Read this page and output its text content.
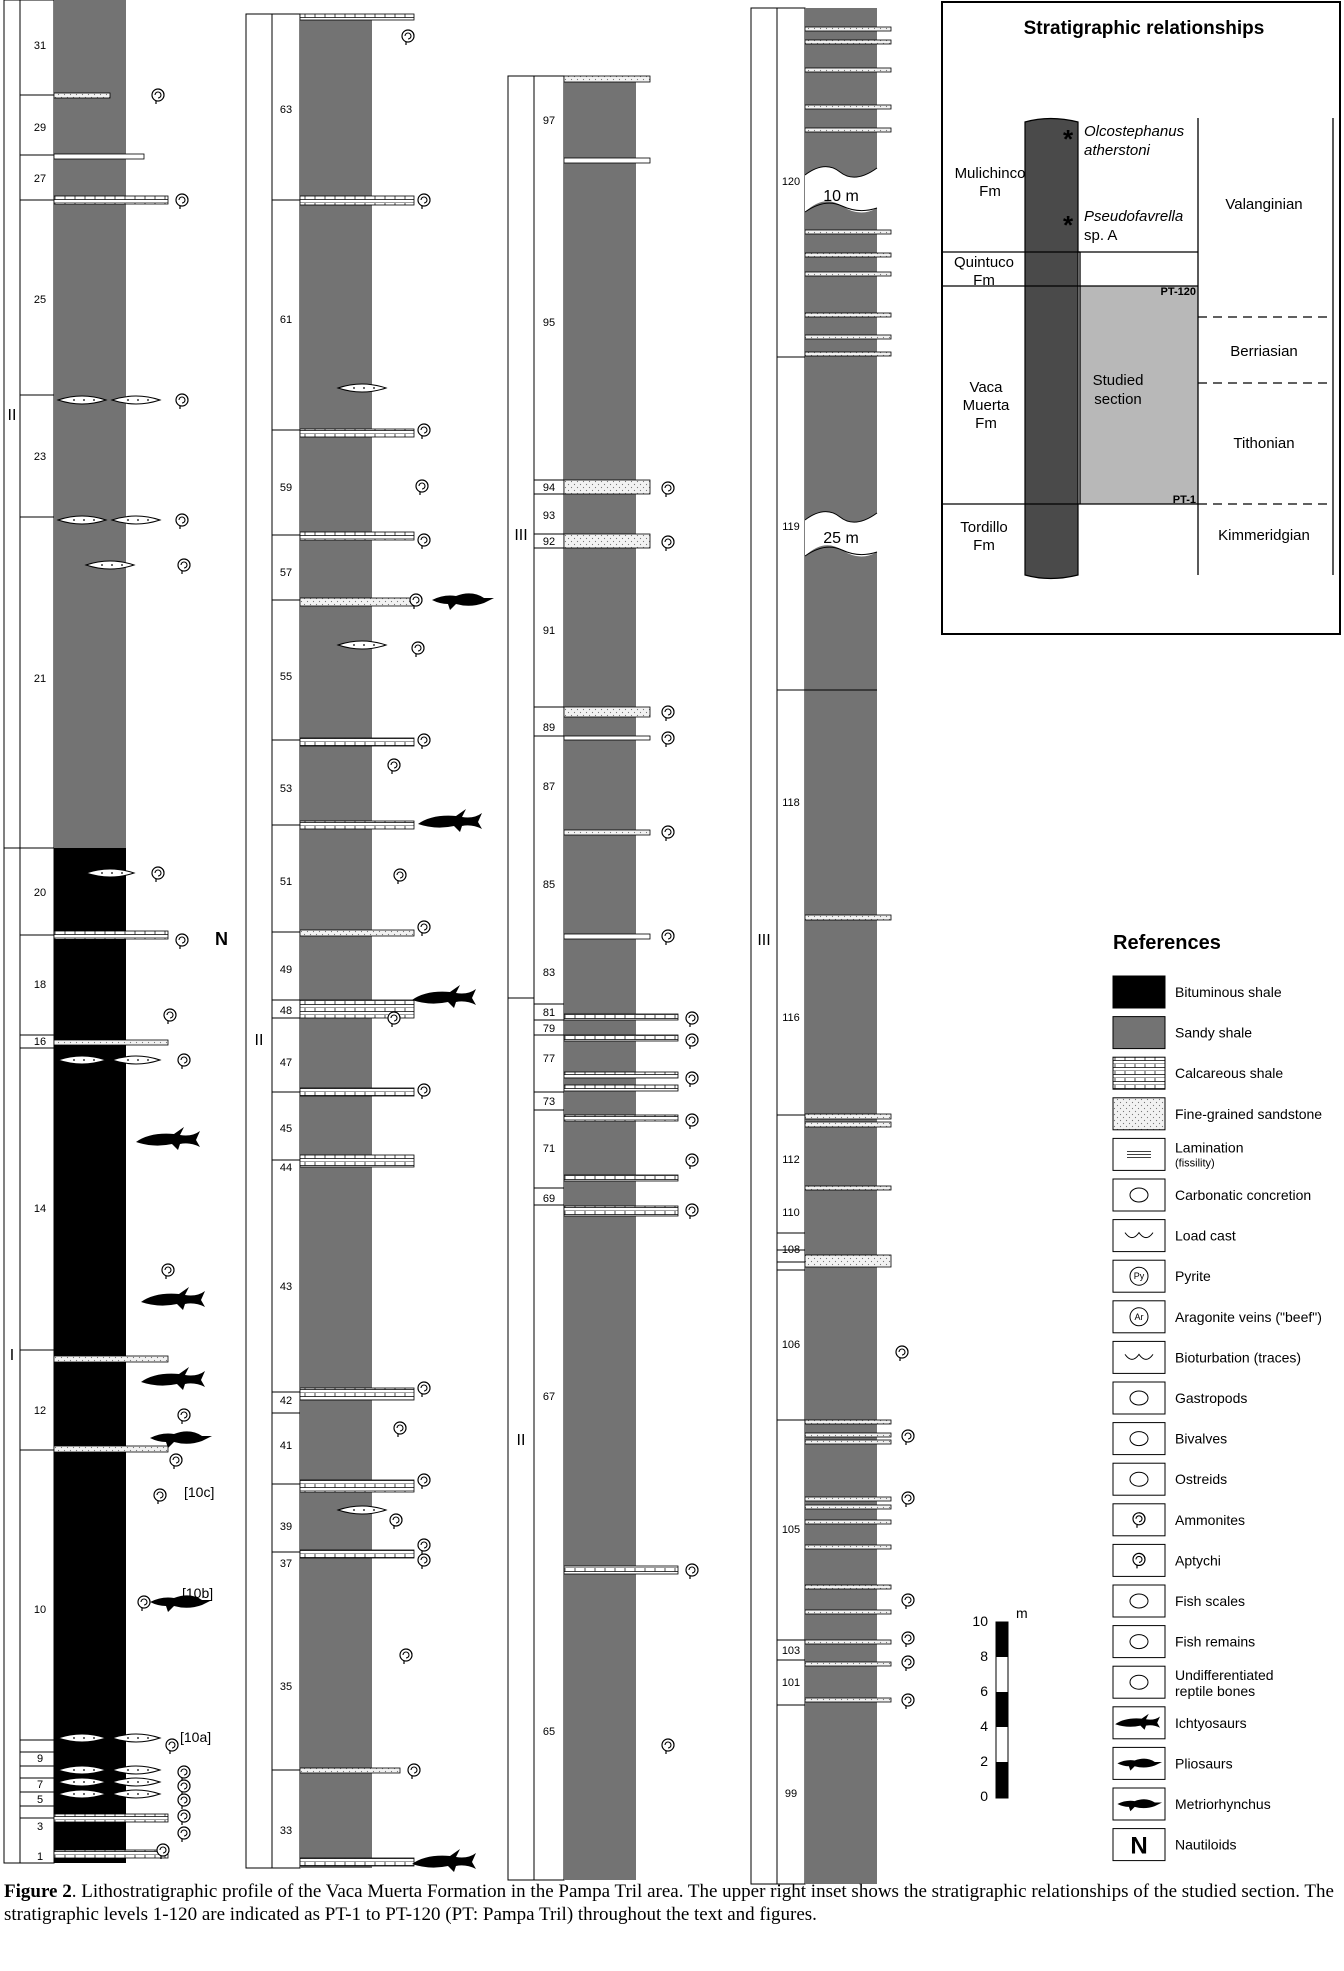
II
I
31
29
27
25
23
21
20
18
16
14
12
10
9
7
5
3
1
N
[10c]
[10b]
[10a]
II
63
61
59
57
55
53
51
49
48
47
45
44
43
42
41
39
37
35
33
III
II
97
95
94
93
92
91
89
87
85
83
81
79
77
73
71
69
67
65
III
10 m
25 m
120
119
118
116
112
110
108
106
105
103
101
99
Stratigraphic relationships
Mulichinco
Fm
Quintuco
Fm
Vaca
Muerta
Fm
Tordillo
Fm
Valanginian
Berriasian
Tithonian
Kimmeridgian
Studied
section
*
*
Olcostephanus
atherstoni
Pseudofavrella
sp. A
PT-120
PT-1
m
10
8
6
4
2
0
References
Bituminous shale
Sandy shale
Calcareous shale
Fine-grained sandstone
Lamination
(fissility)
Carbonatic concretion
Load cast
Py Pyrite
Ar Aragonite veins ("beef")
Bioturbation (traces)
Gastropods
Bivalves
Ostreids
Ammonites
Aptychi
Fish scales
Fish remains
Undifferentiated
reptile bones
Ichtyosaurs
Pliosaurs
Metriorhynchus
N Nautiloids
Figure 2. Lithostratigraphic profile of the Vaca Muerta Formation in the Pampa Tril area. The upper right inset shows the stratigraphic relationships of the studied section. The stratigraphic levels 1-120 are indicated as PT-1 to PT-120 (PT: Pampa Tril) throughout the text and figures.
